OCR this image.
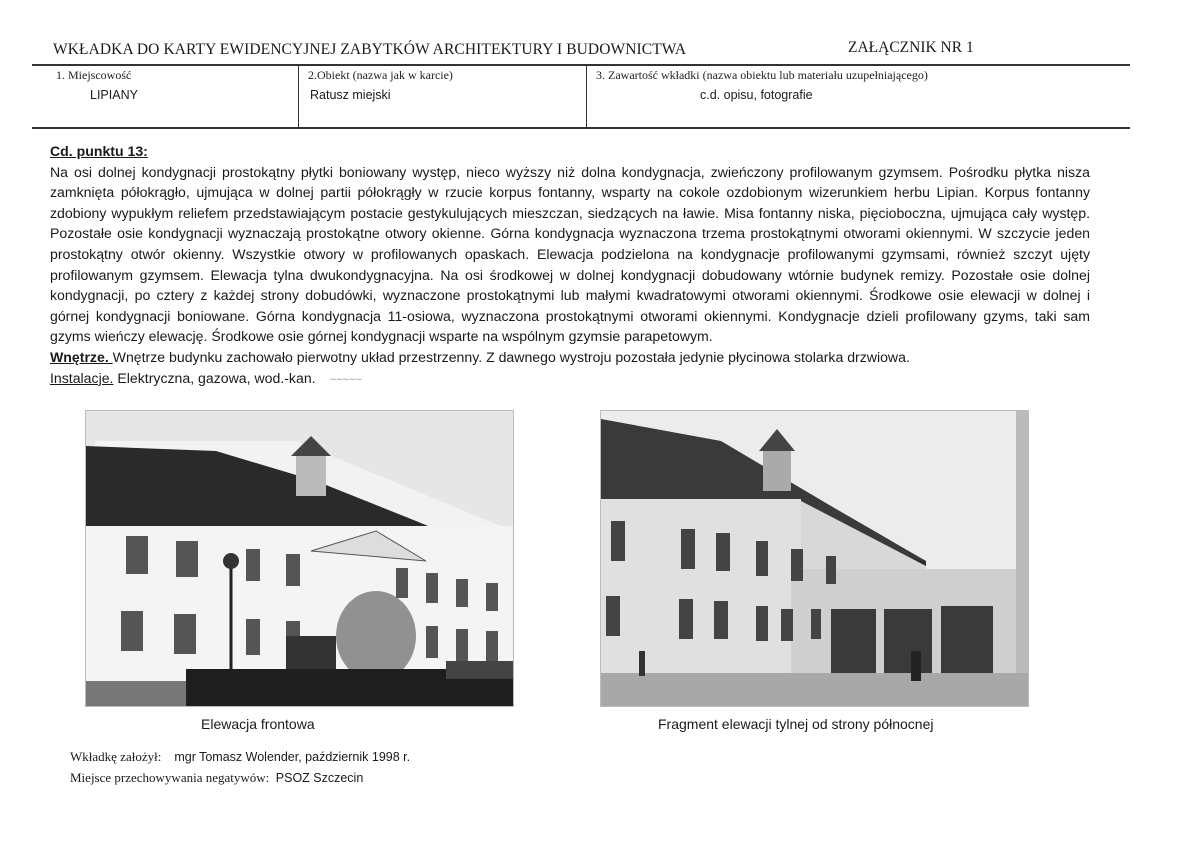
WKŁADKA DO KARTY EWIDENCYJNEJ ZABYTKÓW ARCHITEKTURY I BUDOWNICTWA	ZAŁĄCZNIK NR 1
1. Miejscowość
LIPIANY
2.Obiekt (nazwa jak w karcie)
Ratusz miejski
3. Zawartość wkładki (nazwa obiektu lub materiału uzupełniającego)
c.d. opisu, fotografie
Cd. punktu 13:
Na osi dolnej kondygnacji prostokątny płytki boniowany występ, nieco wyższy niż dolna kondygnacja, zwieńczony profilowanym gzymsem. Pośrodku płytka nisza
zamknięta półokrągło, ujmująca w dolnej partii półokrągły w rzucie korpus fontanny, wsparty na cokole ozdobionym wizerunkiem herbu Lipian. Korpus fontanny
zdobiony wypukłym reliefem przedstawiającym postacie gestykulujących mieszczan, siedzących na ławie. Misa fontanny niska, pięcioboczna, ujmująca cały występ.
Pozostałe osie kondygnacji wyznaczają prostokątne otwory okienne. Górna kondygnacja wyznaczona trzema prostokątnymi otworami okiennymi. W szczycie jeden
prostokątny otwór okienny. Wszystkie otwory w profilowanych opaskach. Elewacja podzielona na kondygnacje profilowanymi gzymsami, również szczyt ujęty
profilowanym gzymsem. Elewacja tylna dwukondygnacyjna. Na osi środkowej w dolnej kondygnacji dobudowany wtórnie budynek remizy. Pozostałe osie dolnej
kondygnacji, po cztery z każdej strony dobudówki, wyznaczone prostokątnymi lub małymi kwadratowymi otworami okiennymi. Środkowe osie elewacji w dolnej i
górnej kondygnacji boniowane. Górna kondygnacja 11-osiowa, wyznaczona prostokątnymi otworami okiennymi. Kondygnacje dzieli profilowany gzyms, taki sam
gzyms wieńczy elewację. Środkowe osie górnej kondygnacji wsparte na wspólnym gzymsie parapetowym.
Wnętrze. Wnętrze budynku zachowało pierwotny układ przestrzenny. Z dawnego wystroju pozostała jedynie płycinowa stolarka drzwiowa.
Instalacje. Elektryczna, gazowa, wod.-kan. ~~~~~
Elewacja frontowa	Fragment elewacji tylnej od strony północnej
Wkładkę założył: mgr Tomasz Wolender, październik 1998 r.
Miejsce przechowywania negatywów: PSOZ Szczecin
